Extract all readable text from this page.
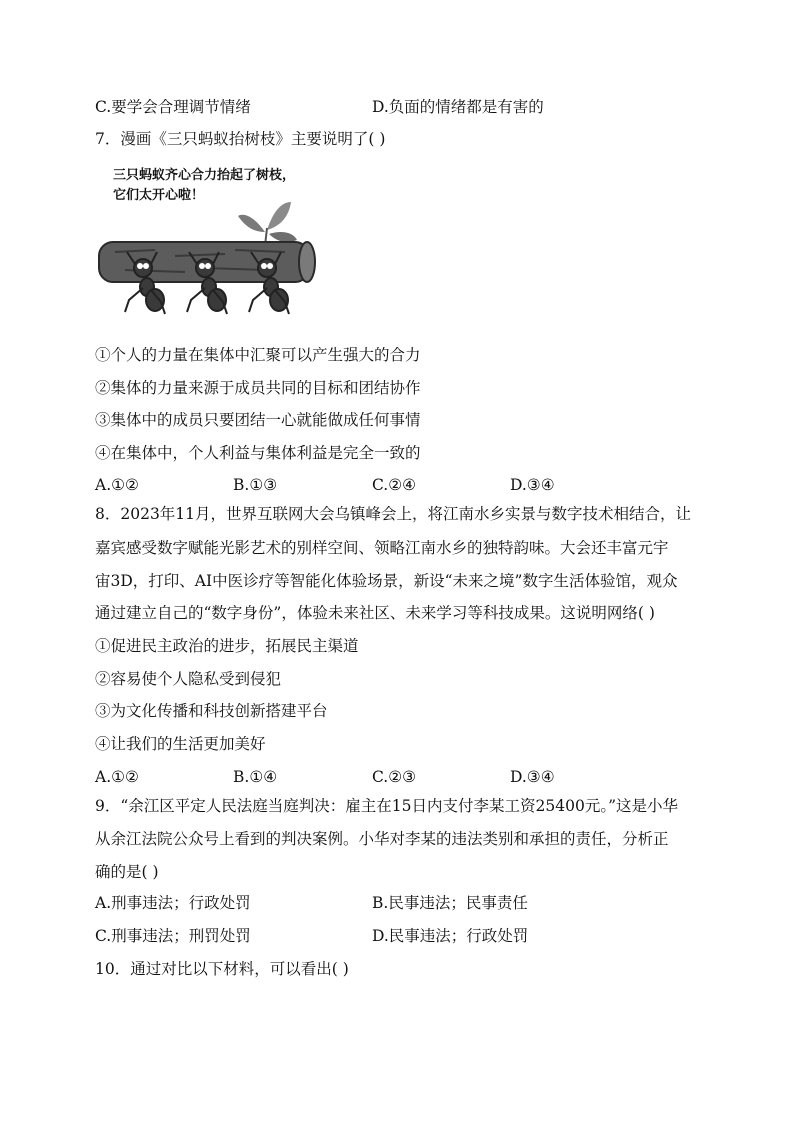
C.要学会合理调节情绪	D.负面的情绪都是有害的
7．漫画《三只蚂蚁抬树枝》主要说明了( )
三只蚂蚁齐心合力抬起了树枝，
它们太开心啦！
①个人的力量在集体中汇聚可以产生强大的合力
②集体的力量来源于成员共同的目标和团结协作
③集体中的成员只要团结一心就能做成任何事情
④在集体中，个人利益与集体利益是完全一致的
A.①②	B.①③	C.②④	D.③④
8．2023年11月，世界互联网大会乌镇峰会上，将江南水乡实景与数字技术相结合，让
嘉宾感受数字赋能光影艺术的别样空间、领略江南水乡的独特韵味。大会还丰富元宇
宙3D，打印、AI中医诊疗等智能化体验场景，新设“未来之境”数字生活体验馆，观众
通过建立自己的“数字身份”，体验未来社区、未来学习等科技成果。这说明网络( )
①促进民主政治的进步，拓展民主渠道
②容易使个人隐私受到侵犯
③为文化传播和科技创新搭建平台
④让我们的生活更加美好
A.①②	B.①④	C.②③	D.③④
9．“余江区平定人民法庭当庭判决：雇主在15日内支付李某工资25400元。”这是小华
从余江法院公众号上看到的判决案例。小华对李某的违法类别和承担的责任，分析正
确的是( )
A.刑事违法；行政处罚	B.民事违法；民事责任
C.刑事违法；刑罚处罚	D.民事违法；行政处罚
10．通过对比以下材料，可以看出( )
